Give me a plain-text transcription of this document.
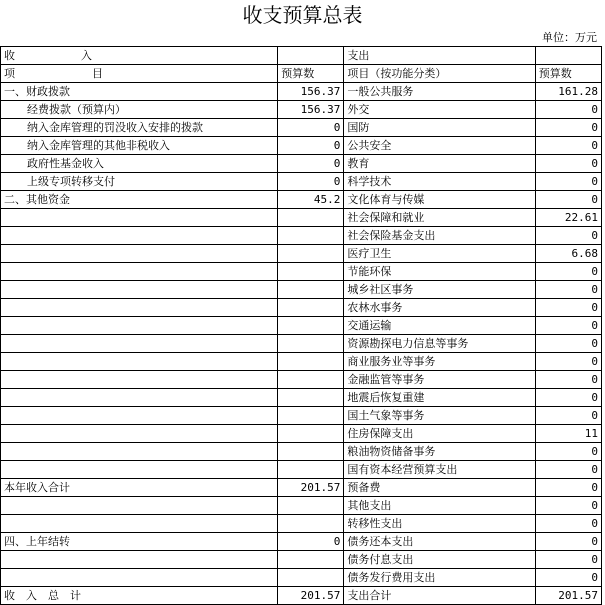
收支预算总表
单位：万元
收　　　　　　入		支出	
项　　　　　　　目	预算数	项目（按功能分类）	预算数
一、财政拨款	156.37	一般公共服务	161.28
经费拨款（预算内）	156.37	外交	0
纳入金库管理的罚没收入安排的拨款	0	国防	0
纳入金库管理的其他非税收入	0	公共安全	0
政府性基金收入	0	教育	0
上级专项转移支付	0	科学技术	0
二、其他资金	45.2	文化体育与传媒	0
		社会保障和就业	22.61
		社会保险基金支出	0
		医疗卫生	6.68
		节能环保	0
		城乡社区事务	0
		农林水事务	0
		交通运输	0
		资源勘探电力信息等事务	0
		商业服务业等事务	0
		金融监管等事务	0
		地震后恢复重建	0
		国土气象等事务	0
		住房保障支出	11
		粮油物资储备事务	0
		国有资本经营预算支出	0
本年收入合计	201.57	预备费	0
		其他支出	0
		转移性支出	0
四、上年结转	0	债务还本支出	0
		债务付息支出	0
		债务发行费用支出	0
收　入　总　计	201.57	支出合计	201.57
